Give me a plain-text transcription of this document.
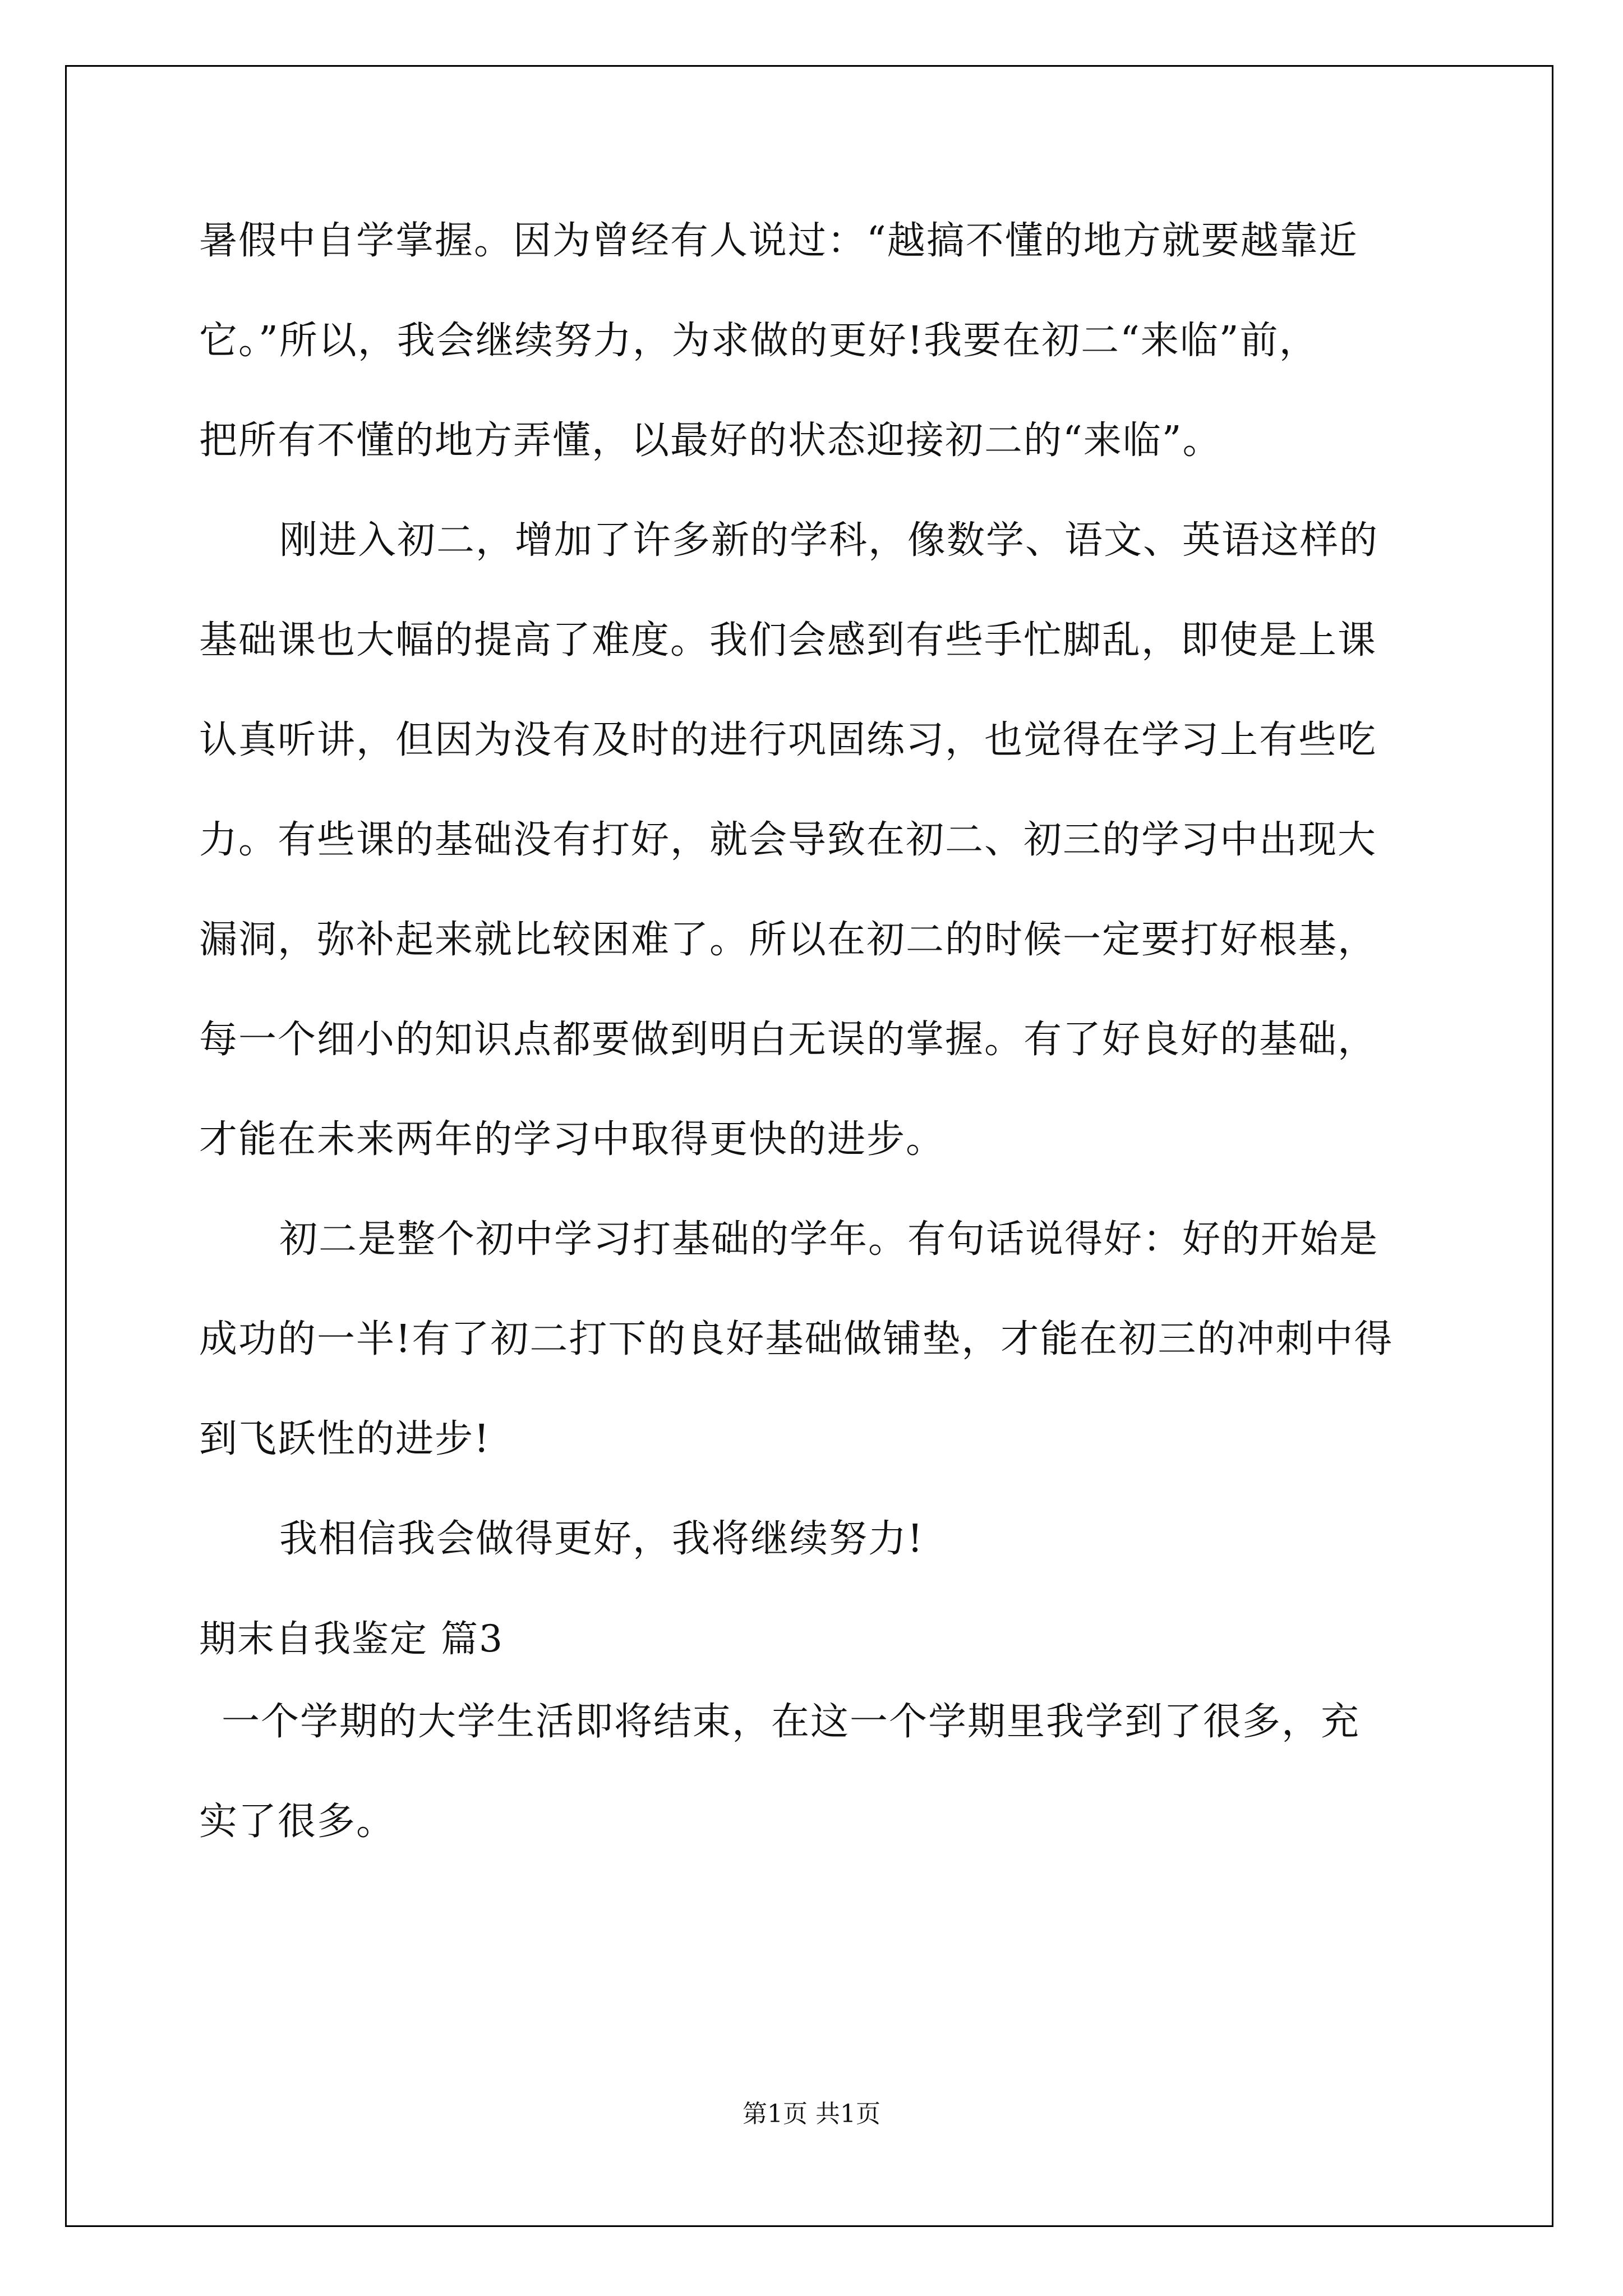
暑假中自学掌握。因为曾经有人说过：“越搞不懂的地方就要越靠近
它。”所以，我会继续努力，为求做的更好!我要在初二“来临”前，
把所有不懂的地方弄懂，以最好的状态迎接初二的“来临”。
刚进入初二，增加了许多新的学科，像数学、语文、英语这样的
基础课也大幅的提高了难度。我们会感到有些手忙脚乱，即使是上课
认真听讲，但因为没有及时的进行巩固练习，也觉得在学习上有些吃
力。有些课的基础没有打好，就会导致在初二、初三的学习中出现大
漏洞，弥补起来就比较困难了。所以在初二的时候一定要打好根基，
每一个细小的知识点都要做到明白无误的掌握。有了好良好的基础，
才能在未来两年的学习中取得更快的进步。
初二是整个初中学习打基础的学年。有句话说得好：好的开始是
成功的一半!有了初二打下的良好基础做铺垫，才能在初三的冲刺中得
到飞跃性的进步!
我相信我会做得更好，我将继续努力!
期末自我鉴定 篇3
一个学期的大学生活即将结束，在这一个学期里我学到了很多，充
实了很多。
第1页 共1页
